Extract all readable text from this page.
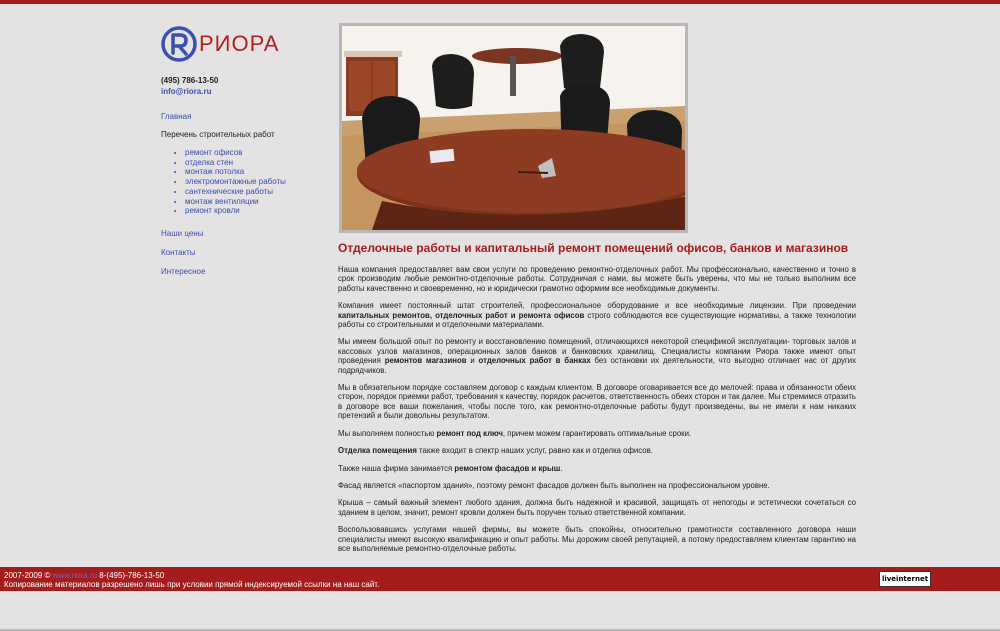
РИОРА
(495) 786-13-50
info@riora.ru
Главная
Перечень строительных работ
• ремонт офисов
• отделка стен
• монтаж потолка
• электромонтажные работы
• сантехнические работы
• монтаж вентиляции
• ремонт кровли
Наши цены
Контакты
Интересное
Отделочные работы и капитальный ремонт помещений офисов, банков и магазинов

Наша компания предоставляет вам свои услуги по проведению ремонтно-отделочных работ. Мы профессионально, качественно и точно в срок производим любые ремонтно-отделочные работы. Сотрудничая с нами, вы можете быть уверены, что мы не только выполним все работы качественно и своевременно, но и юридически грамотно оформим все необходимые документы.

Компания имеет постоянный штат строителей, профессиональное оборудование и все необходимые лицензии. При проведении капитальных ремонтов, отделочных работ и ремонта офисов строго соблюдаются все существующие нормативы, а также технологии работы со строительными и отделочными материалами.

Мы имеем большой опыт по ремонту и восстановлению помещений, отличающихся некоторой спецификой эксплуатации- торговых залов и кассовых узлов магазинов, операционных залов банков и банковских хранилищ. Специалисты компании Риора также имеют опыт проведения ремонтов магазинов и отделочных работ в банках без остановки их деятельности, что выгодно отличает нас от других подрядчиков.

Мы в обязательном порядке составляем договор с каждым клиентом. В договоре оговаривается все до мелочей: права и обязанности обеих сторон, порядок приемки работ, требования к качеству, порядок расчетов, ответственность обеих сторон и так далее. Мы стремимся отразить в договоре все ваши пожелания, чтобы после того, как ремонтно-отделочные работы будут произведены, вы не имели к нам никаких претензий и были довольны результатом.

Мы выполняем полностью ремонт под ключ, причем можем гарантировать оптимальные сроки.

Отделка помещения также входит в спектр наших услуг, равно как и отделка офисов.

Также наша фирма занимается ремонтом фасадов и крыш.

Фасад является «паспортом здания», поэтому ремонт фасадов должен быть выполнен на профессиональном уровне.

Крыша – самый важный элемент любого здания, должна быть надежной и красивой, защищать от непогоды и эстетически сочетаться со зданием в целом, значит, ремонт кровли должен быть поручен только ответственной компании.

Воспользовавшись услугами нашей фирмы, вы можете быть спокойны, относительно грамотности составленного договора наши специалисты имеют высокую квалификацию и опыт работы. Мы дорожим своей репутацией, а потому предоставляем клиентам гарантию на все выполняемые ремонтно-отделочные работы.

2007-2009 © www.riora.ru 8-(495)-786-13-50
Копирование материалов разрешено лишь при условии прямой индексируемой ссылки на наш сайт.
liveinternet
